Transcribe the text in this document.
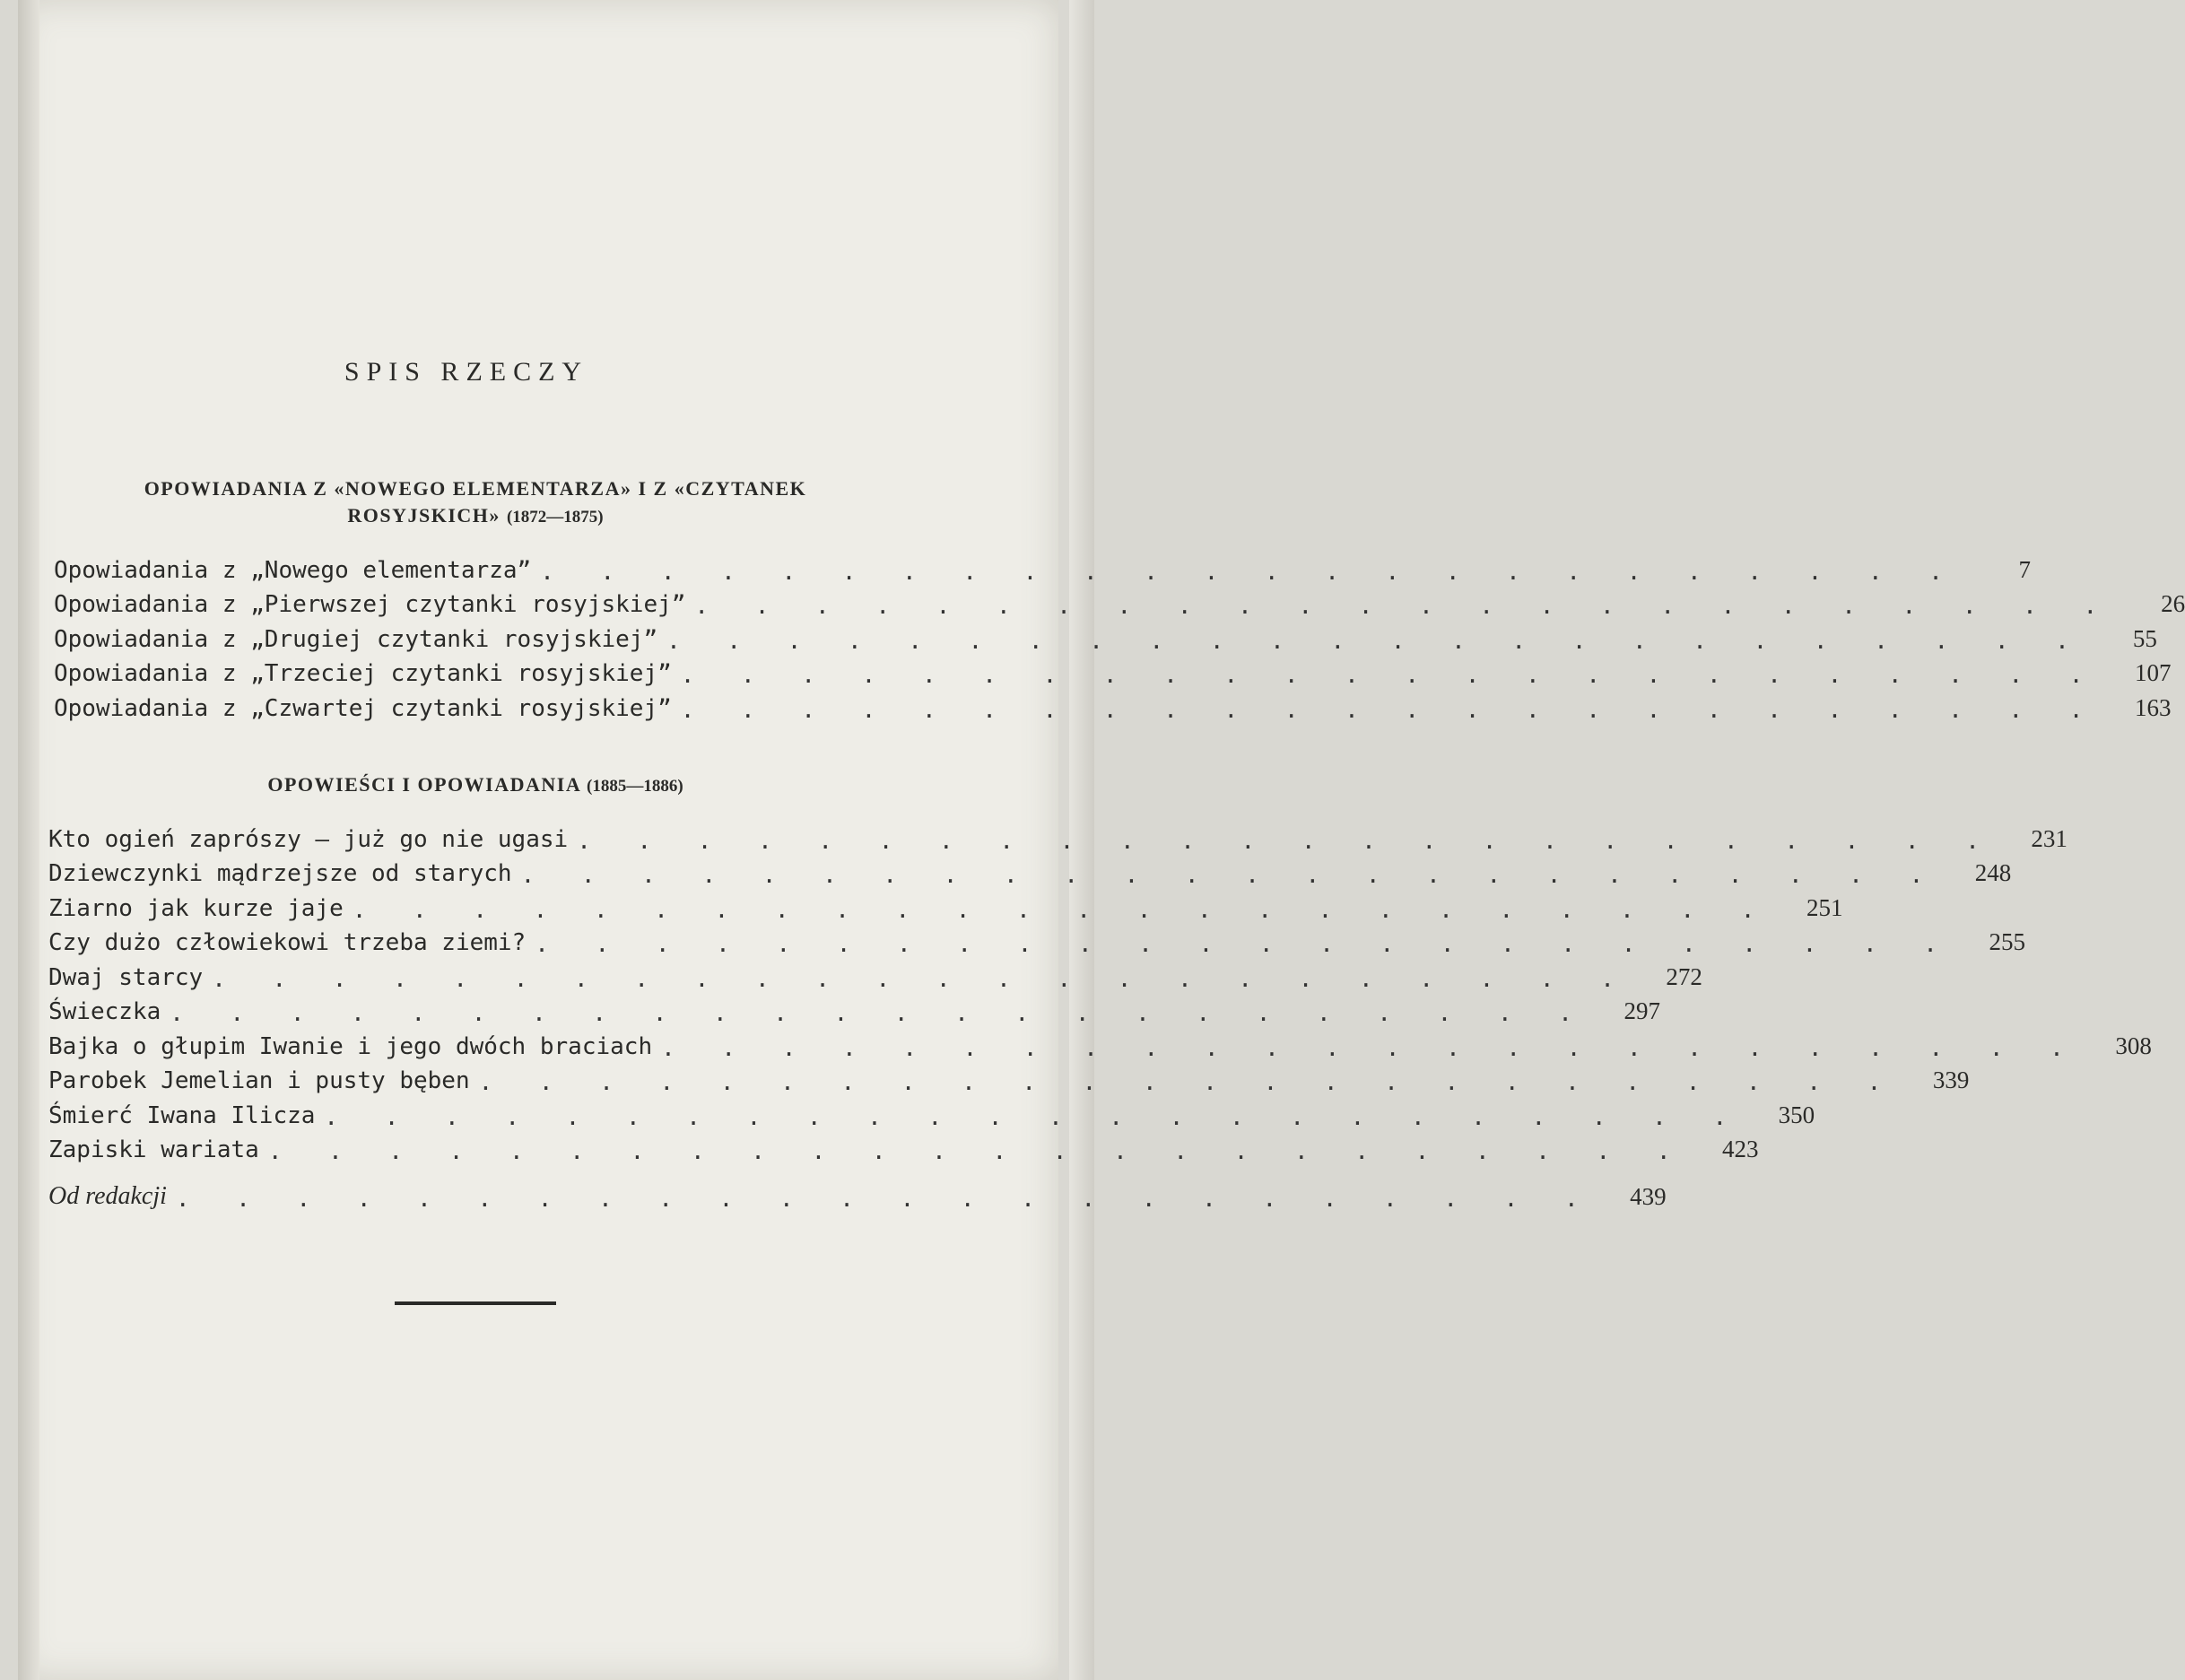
SPIS RZECZY
OPOWIADANIA Z «NOWEGO ELEMENTARZA» I Z «CZYTANEK
ROSYJSKICH» (1872—1875)
Opowiadania z „Nowego elementarza” . . . . . . . . . . . . . . . . . . . . . . . .	7
Opowiadania z „Pierwszej czytanki rosyjskiej” . . . . . . . . . . . . . . . . . . . . . . . .	26
Opowiadania z „Drugiej czytanki rosyjskiej” . . . . . . . . . . . . . . . . . . . . . . . .	55
Opowiadania z „Trzeciej czytanki rosyjskiej” . . . . . . . . . . . . . . . . . . . . . . . .	107
Opowiadania z „Czwartej czytanki rosyjskiej” . . . . . . . . . . . . . . . . . . . . . . . .	163
OPOWIEŚCI I OPOWIADANIA (1885—1886)
Kto ogień zaprószy — już go nie ugasi . . . . . . . . . . . . . . . . . . . . . . . .	231
Dziewczynki mądrzejsze od starych . . . . . . . . . . . . . . . . . . . . . . . .	248
Ziarno jak kurze jaje . . . . . . . . . . . . . . . . . . . . . . . .	251
Czy dużo człowiekowi trzeba ziemi? . . . . . . . . . . . . . . . . . . . . . . . .	255
Dwaj starcy . . . . . . . . . . . . . . . . . . . . . . . .	272
Świeczka . . . . . . . . . . . . . . . . . . . . . . . .	297
Bajka o głupim Iwanie i jego dwóch braciach . . . . . . . . . . . . . . . . . . . . . . . .	308
Parobek Jemelian i pusty bęben . . . . . . . . . . . . . . . . . . . . . . . .	339
Śmierć Iwana Ilicza . . . . . . . . . . . . . . . . . . . . . . . .	350
Zapiski wariata . . . . . . . . . . . . . . . . . . . . . . . .	423
Od redakcji . . . . . . . . . . . . . . . . . . . . . . . .	439
